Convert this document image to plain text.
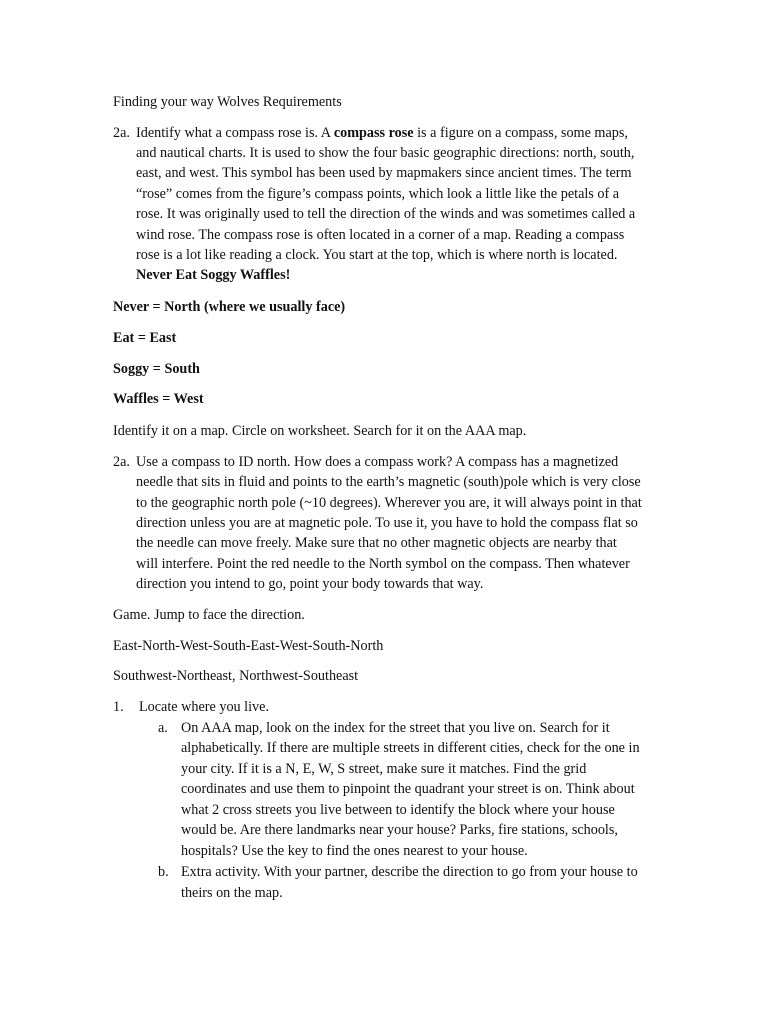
Finding your way Wolves Requirements
2a. Identify what a compass rose is. A compass rose is a figure on a compass, some maps,
and nautical charts. It is used to show the four basic geographic directions: north, south,
east, and west. This symbol has been used by mapmakers since ancient times. The term
“rose” comes from the figure’s compass points, which look a little like the petals of a
rose. It was originally used to tell the direction of the winds and was sometimes called a
wind rose. The compass rose is often located in a corner of a map. Reading a compass
rose is a lot like reading a clock. You start at the top, which is where north is located.
Never Eat Soggy Waffles!
Never = North (where we usually face)
Eat = East
Soggy = South
Waffles = West
Identify it on a map. Circle on worksheet. Search for it on the AAA map.
2a. Use a compass to ID north. How does a compass work? A compass has a magnetized
needle that sits in fluid and points to the earth’s magnetic (south)pole which is very close
to the geographic north pole (~10 degrees). Wherever you are, it will always point in that
direction unless you are at magnetic pole. To use it, you have to hold the compass flat so
the needle can move freely. Make sure that no other magnetic objects are nearby that
will interfere. Point the red needle to the North symbol on the compass. Then whatever
direction you intend to go, point your body towards that way.
Game. Jump to face the direction.
East-North-West-South-East-West-South-North
Southwest-Northeast, Northwest-Southeast
1. Locate where you live.
a. On AAA map, look on the index for the street that you live on. Search for it
alphabetically. If there are multiple streets in different cities, check for the one in
your city. If it is a N, E, W, S street, make sure it matches. Find the grid
coordinates and use them to pinpoint the quadrant your street is on. Think about
what 2 cross streets you live between to identify the block where your house
would be. Are there landmarks near your house? Parks, fire stations, schools,
hospitals? Use the key to find the ones nearest to your house.
b. Extra activity. With your partner, describe the direction to go from your house to
theirs on the map.
